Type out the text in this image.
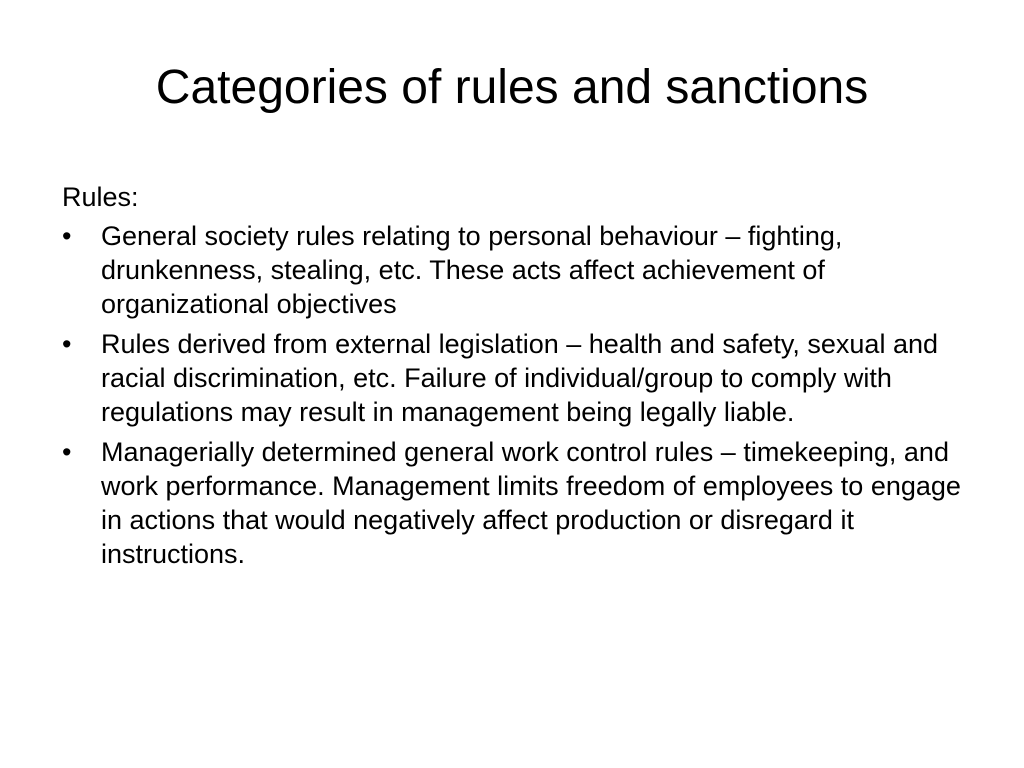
Categories of rules and sanctions

Rules:

•	General society rules relating to personal behaviour – fighting, drunkenness, stealing, etc. These acts affect achievement of organizational objectives
•	Rules derived from external legislation – health and safety, sexual and racial discrimination, etc. Failure of individual/group to comply with regulations may result in management being legally liable.
•	Managerially determined general work control rules – timekeeping, and work performance. Management limits freedom of employees to engage in actions that would negatively affect production or disregard it instructions.
